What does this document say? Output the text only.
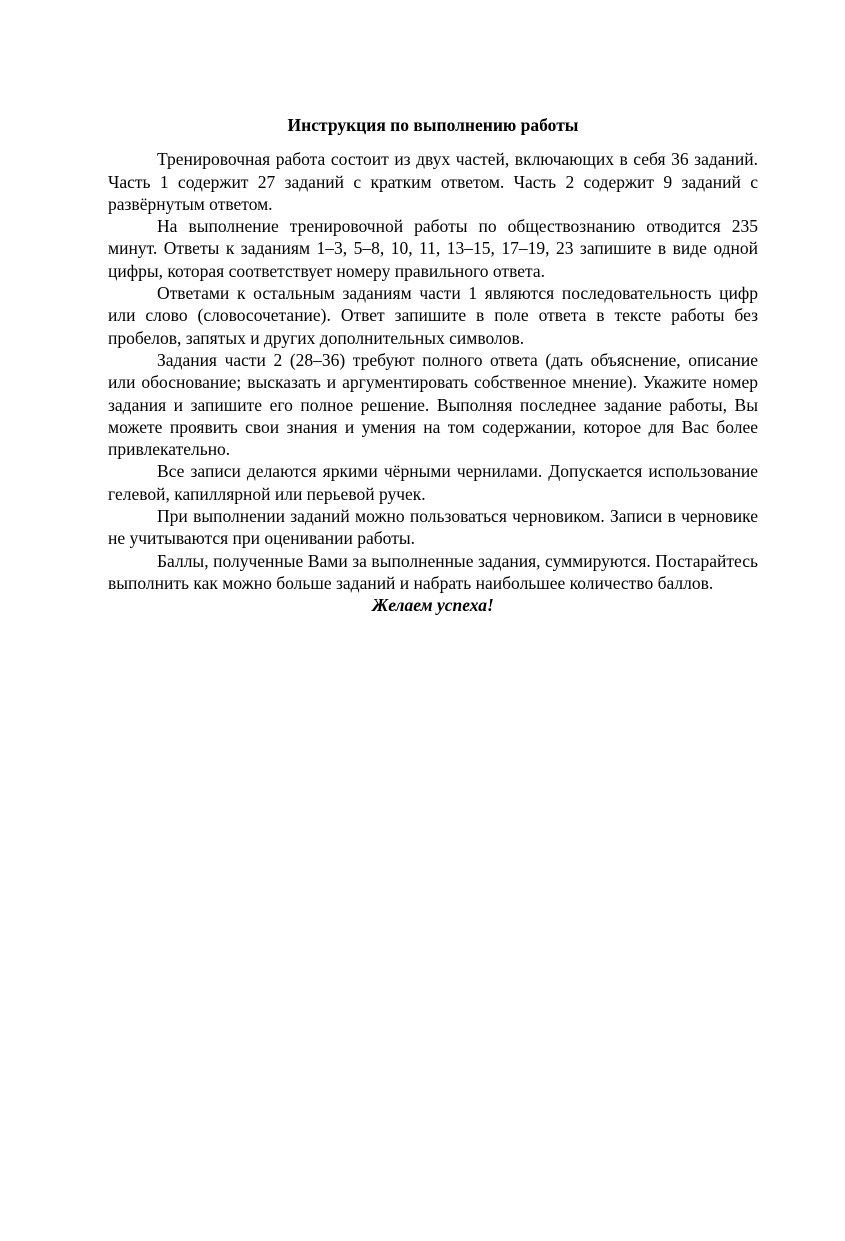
Инструкция по выполнению работы

Тренировочная работа состоит из двух частей, включающих в себя 36 заданий. Часть 1 содержит 27 заданий с кратким ответом. Часть 2 содержит 9 заданий с развёрнутым ответом.

На выполнение тренировочной работы по обществознанию отводится 235 минут. Ответы к заданиям 1–3, 5–8, 10, 11, 13–15, 17–19, 23 запишите в виде одной цифры, которая соответствует номеру правильного ответа.

Ответами к остальным заданиям части 1 являются последовательность цифр или слово (словосочетание). Ответ запишите в поле ответа в тексте работы без пробелов, запятых и других дополнительных символов.

Задания части 2 (28–36) требуют полного ответа (дать объяснение, описание или обоснование; высказать и аргументировать собственное мнение). Укажите номер задания и запишите его полное решение. Выполняя последнее задание работы, Вы можете проявить свои знания и умения на том содержании, которое для Вас более привлекательно.

Все записи делаются яркими чёрными чернилами. Допускается использование гелевой, капиллярной или перьевой ручек.

При выполнении заданий можно пользоваться черновиком. Записи в черновике не учитываются при оценивании работы.

Баллы, полученные Вами за выполненные задания, суммируются. Постарайтесь выполнить как можно больше заданий и набрать наибольшее количество баллов.

Желаем успеха!
